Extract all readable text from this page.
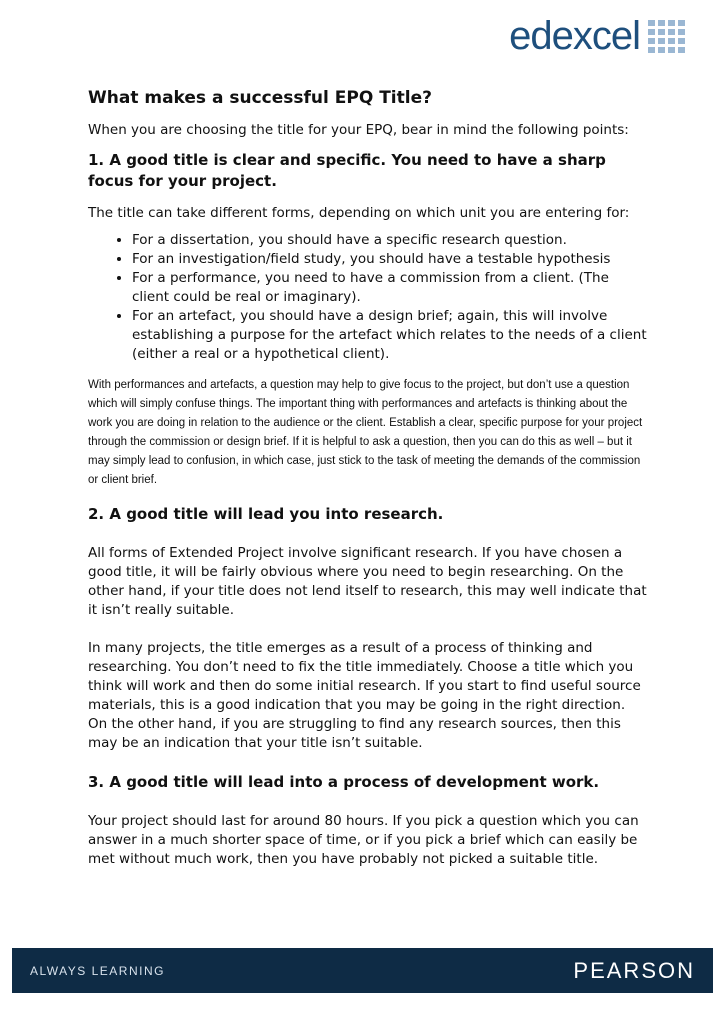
edexcel
What makes a successful EPQ Title?

When you are choosing the title for your EPQ, bear in mind the following points:

1. A good title is clear and specific. You need to have a sharp focus for your project.

The title can take different forms, depending on which unit you are entering for:

• For a dissertation, you should have a specific research question.
• For an investigation/field study, you should have a testable hypothesis
• For a performance, you need to have a commission from a client. (The client could be real or imaginary).
• For an artefact, you should have a design brief; again, this will involve establishing a purpose for the artefact which relates to the needs of a client (either a real or a hypothetical client).

With performances and artefacts, a question may help to give focus to the project, but don’t use a question which will simply confuse things. The important thing with performances and artefacts is thinking about the work you are doing in relation to the audience or the client. Establish a clear, specific purpose for your project through the commission or design brief. If it is helpful to ask a question, then you can do this as well – but it may simply lead to confusion, in which case, just stick to the task of meeting the demands of the commission or client brief.

2. A good title will lead you into research.

All forms of Extended Project involve significant research. If you have chosen a good title, it will be fairly obvious where you need to begin researching. On the other hand, if your title does not lend itself to research, this may well indicate that it isn’t really suitable.

In many projects, the title emerges as a result of a process of thinking and researching. You don’t need to fix the title immediately. Choose a title which you think will work and then do some initial research. If you start to find useful source materials, this is a good indication that you may be going in the right direction. On the other hand, if you are struggling to find any research sources, then this may be an indication that your title isn’t suitable.

3. A good title will lead into a process of development work.

Your project should last for around 80 hours. If you pick a question which you can answer in a much shorter space of time, or if you pick a brief which can easily be met without much work, then you have probably not picked a suitable title.

ALWAYS LEARNING	PEARSON
